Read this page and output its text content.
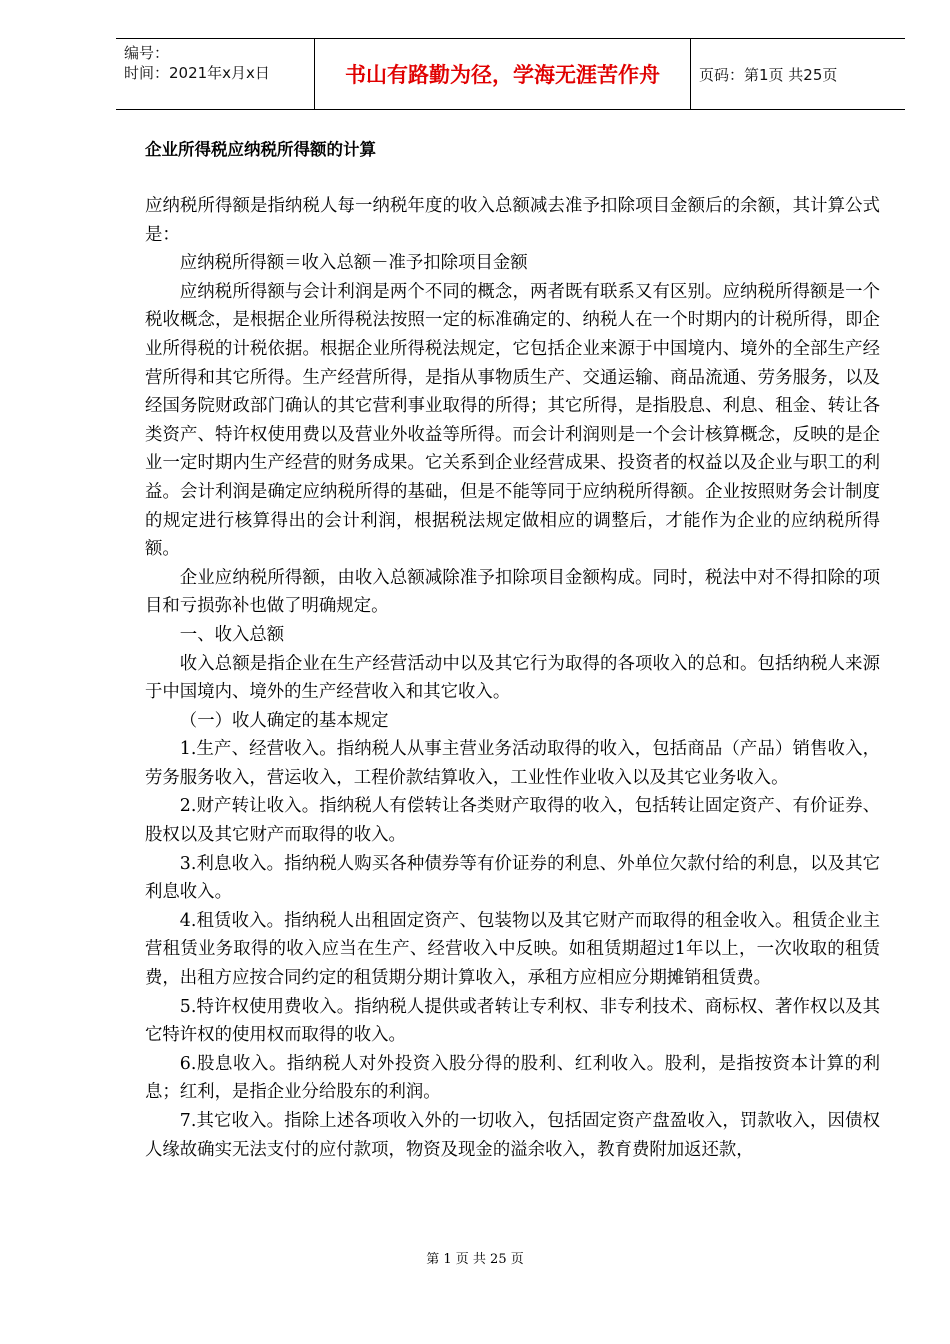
编号：
时间：2021年x月x日	书山有路勤为径，学海无涯苦作舟	页码：第1页 共25页
企业所得税应纳税所得额的计算

应纳税所得额是指纳税人每一纳税年度的收入总额减去准予扣除项目金额后的余额，其计算公式是：

应纳税所得额＝收入总额－准予扣除项目金额

应纳税所得额与会计利润是两个不同的概念，两者既有联系又有区别。应纳税所得额是一个税收概念，是根据企业所得税法按照一定的标准确定的、纳税人在一个时期内的计税所得，即企业所得税的计税依据。根据企业所得税法规定，它包括企业来源于中国境内、境外的全部生产经营所得和其它所得。生产经营所得，是指从事物质生产、交通运输、商品流通、劳务服务，以及经国务院财政部门确认的其它营利事业取得的所得；其它所得，是指股息、利息、租金、转让各类资产、特许权使用费以及营业外收益等所得。而会计利润则是一个会计核算概念，反映的是企业一定时期内生产经营的财务成果。它关系到企业经营成果、投资者的权益以及企业与职工的利益。会计利润是确定应纳税所得的基础，但是不能等同于应纳税所得额。企业按照财务会计制度的规定进行核算得出的会计利润，根据税法规定做相应的调整后，才能作为企业的应纳税所得额。

企业应纳税所得额，由收入总额减除准予扣除项目金额构成。同时，税法中对不得扣除的项目和亏损弥补也做了明确规定。

一、收入总额

收入总额是指企业在生产经营活动中以及其它行为取得的各项收入的总和。包括纳税人来源于中国境内、境外的生产经营收入和其它收入。

（一）收人确定的基本规定

1.生产、经营收入。指纳税人从事主营业务活动取得的收入，包括商品（产品）销售收入，劳务服务收入，营运收入，工程价款结算收入，工业性作业收入以及其它业务收入。

2.财产转让收入。指纳税人有偿转让各类财产取得的收入，包括转让固定资产、有价证券、股权以及其它财产而取得的收入。

3.利息收入。指纳税人购买各种债券等有价证券的利息、外单位欠款付给的利息，以及其它利息收入。

4.租赁收入。指纳税人出租固定资产、包装物以及其它财产而取得的租金收入。租赁企业主营租赁业务取得的收入应当在生产、经营收入中反映。如租赁期超过1年以上，一次收取的租赁费，出租方应按合同约定的租赁期分期计算收入，承租方应相应分期摊销租赁费。

5.特许权使用费收入。指纳税人提供或者转让专利权、非专利技术、商标权、著作权以及其它特许权的使用权而取得的收入。

6.股息收入。指纳税人对外投资入股分得的股利、红利收入。股利，是指按资本计算的利息；红利，是指企业分给股东的利润。

7.其它收入。指除上述各项收入外的一切收入，包括固定资产盘盈收入，罚款收入，因债权人缘故确实无法支付的应付款项，物资及现金的溢余收入，教育费附加返还款，

第 1 页 共 25 页
